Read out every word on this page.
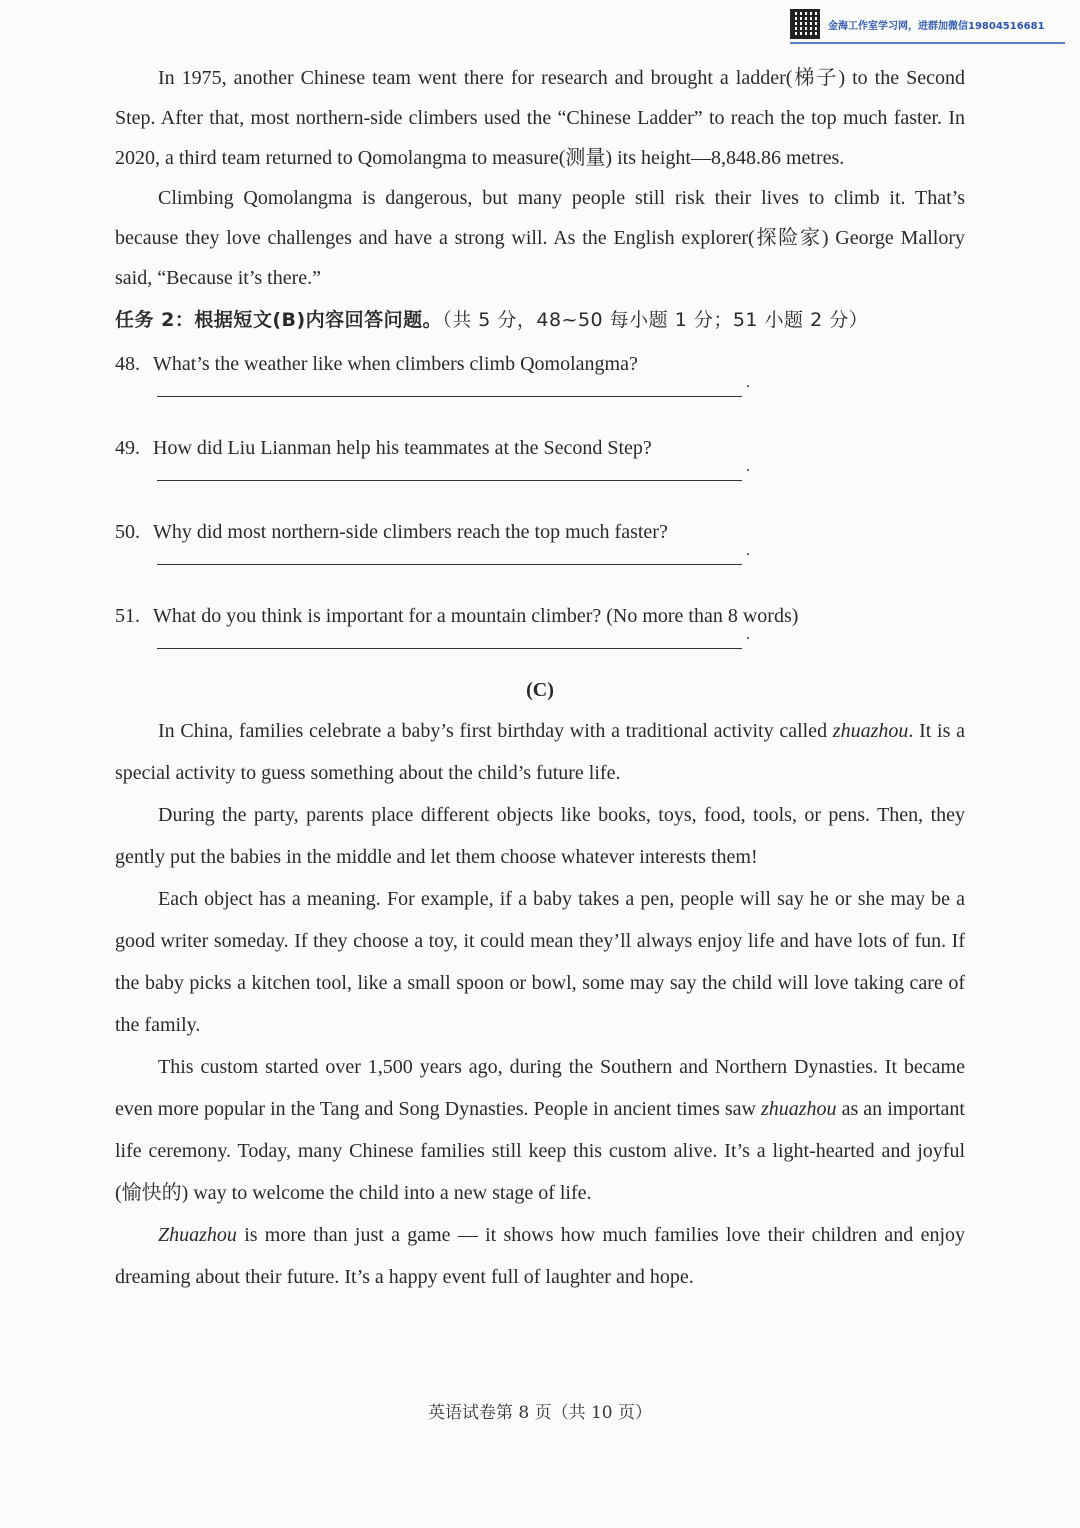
金海工作室学习网，进群加微信19804516681

In 1975, another Chinese team went there for research and brought a ladder(梯子) to the Second Step. After that, most northern-side climbers used the “Chinese Ladder” to reach the top much faster. In 2020, a third team returned to Qomolangma to measure(测量) its height—8,848.86 metres.

Climbing Qomolangma is dangerous, but many people still risk their lives to climb it. That’s because they love challenges and have a strong will. As the English explorer(探险家) George Mallory said, “Because it’s there.”

任务 2：根据短文(B)内容回答问题。（共 5 分，48~50 每小题 1 分；51 小题 2 分）

48. What’s the weather like when climbers climb Qomolangma?

.

49. How did Liu Lianman help his teammates at the Second Step?

.

50. Why did most northern-side climbers reach the top much faster?

.

51. What do you think is important for a mountain climber? (No more than 8 words)

.
(C)

In China, families celebrate a baby’s first birthday with a traditional activity called zhuazhou. It is a special activity to guess something about the child’s future life.

During the party, parents place different objects like books, toys, food, tools, or pens. Then, they gently put the babies in the middle and let them choose whatever interests them!

Each object has a meaning. For example, if a baby takes a pen, people will say he or she may be a good writer someday. If they choose a toy, it could mean they’ll always enjoy life and have lots of fun. If the baby picks a kitchen tool, like a small spoon or bowl, some may say the child will love taking care of the family.

This custom started over 1,500 years ago, during the Southern and Northern Dynasties. It became even more popular in the Tang and Song Dynasties. People in ancient times saw zhuazhou as an important life ceremony. Today, many Chinese families still keep this custom alive. It’s a light-hearted and joyful (愉快的) way to welcome the child into a new stage of life.

Zhuazhou is more than just a game — it shows how much families love their children and enjoy dreaming about their future. It’s a happy event full of laughter and hope.

英语试卷第 8 页（共 10 页）
